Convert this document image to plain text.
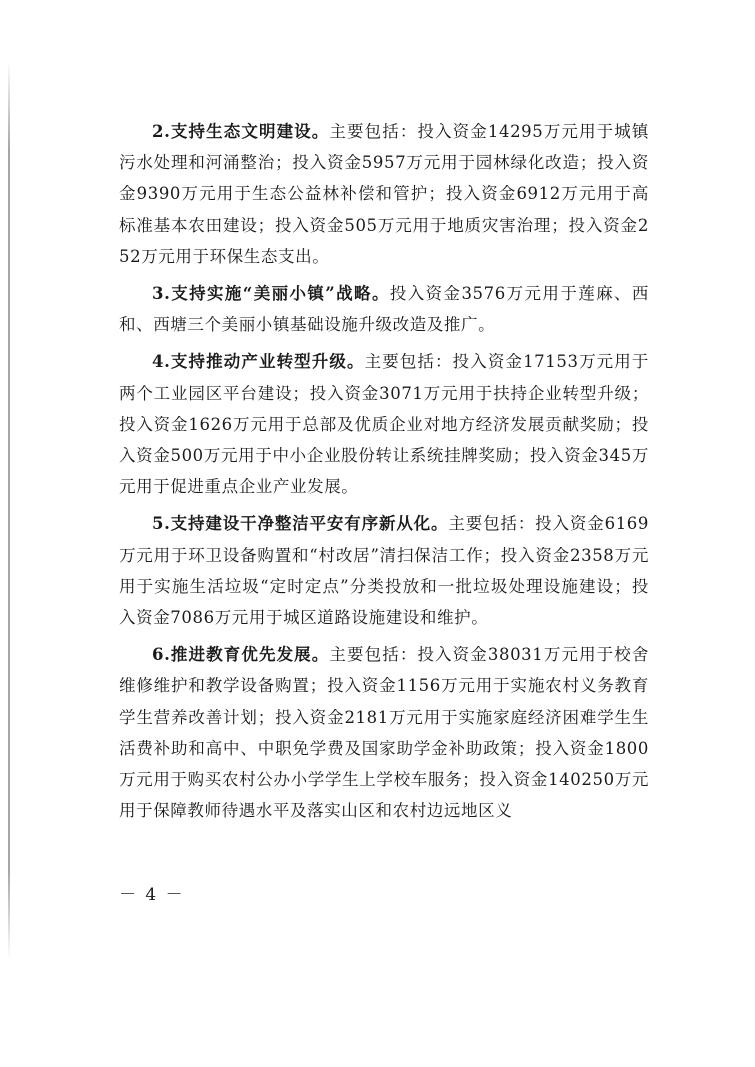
2.支持生态文明建设。主要包括：投入资金14295万元用于城镇污水处理和河涌整治；投入资金5957万元用于园林绿化改造；投入资金9390万元用于生态公益林补偿和管护；投入资金6912万元用于高标准基本农田建设；投入资金505万元用于地质灾害治理；投入资金252万元用于环保生态支出。

3.支持实施“美丽小镇”战略。投入资金3576万元用于莲麻、西和、西塘三个美丽小镇基础设施升级改造及推广。

4.支持推动产业转型升级。主要包括：投入资金17153万元用于两个工业园区平台建设；投入资金3071万元用于扶持企业转型升级；投入资金1626万元用于总部及优质企业对地方经济发展贡献奖励；投入资金500万元用于中小企业股份转让系统挂牌奖励；投入资金345万元用于促进重点企业产业发展。

5.支持建设干净整洁平安有序新从化。主要包括：投入资金6169万元用于环卫设备购置和“村改居”清扫保洁工作；投入资金2358万元用于实施生活垃圾“定时定点”分类投放和一批垃圾处理设施建设；投入资金7086万元用于城区道路设施建设和维护。

6.推进教育优先发展。主要包括：投入资金38031万元用于校舍维修维护和教学设备购置；投入资金1156万元用于实施农村义务教育学生营养改善计划；投入资金2181万元用于实施家庭经济困难学生生活费补助和高中、中职免学费及国家助学金补助政策；投入资金1800万元用于购买农村公办小学学生上学校车服务；投入资金140250万元用于保障教师待遇水平及落实山区和农村边远地区义

－ 4 －
